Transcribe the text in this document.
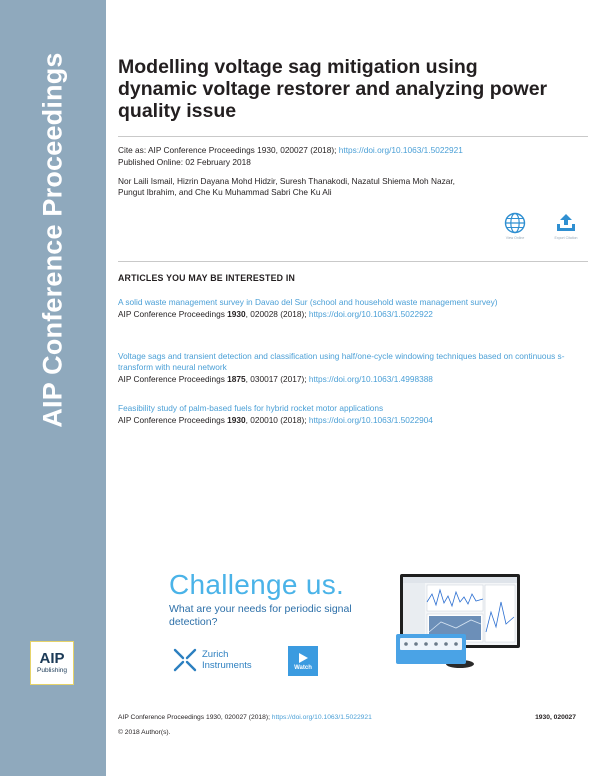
AIP Conference Proceedings
AIP
Publishing
Modelling voltage sag mitigation using dynamic voltage restorer and analyzing power quality issue
Cite as: AIP Conference Proceedings 1930, 020027 (2018); https://doi.org/10.1063/1.5022921
Published Online: 02 February 2018
Nor Laili Ismail, Hizrin Dayana Mohd Hidzir, Suresh Thanakodi, Nazatul Shiema Moh Nazar, Pungut Ibrahim, and Che Ku Muhammad Sabri Che Ku Ali
View Online	Export Citation
ARTICLES YOU MAY BE INTERESTED IN
A solid waste management survey in Davao del Sur (school and household waste management survey)
AIP Conference Proceedings 1930, 020028 (2018); https://doi.org/10.1063/1.5022922
Voltage sags and transient detection and classification using half/one-cycle windowing techniques based on continuous s-transform with neural network
AIP Conference Proceedings 1875, 030017 (2017); https://doi.org/10.1063/1.4998388
Feasibility study of palm-based fuels for hybrid rocket motor applications
AIP Conference Proceedings 1930, 020010 (2018); https://doi.org/10.1063/1.5022904
Challenge us.
What are your needs for periodic signal detection?
Zurich
Instruments	Watch
AIP Conference Proceedings 1930, 020027 (2018); https://doi.org/10.1063/1.5022921	1930, 020027
© 2018 Author(s).
